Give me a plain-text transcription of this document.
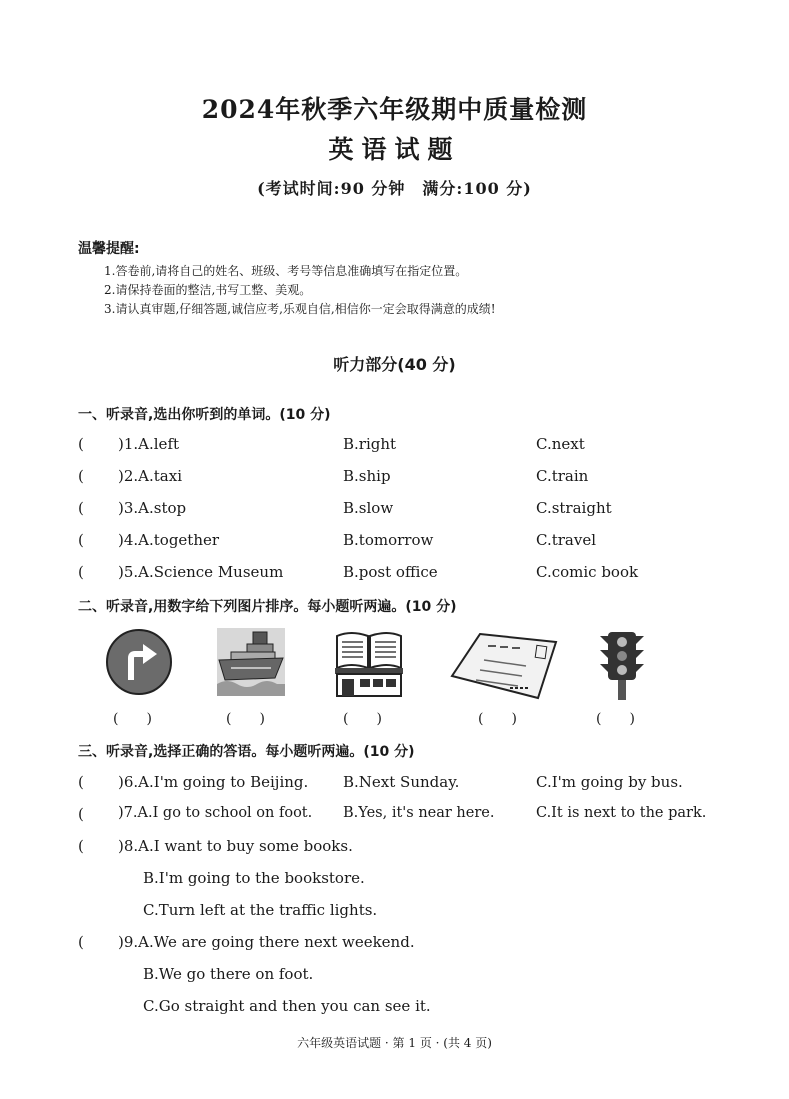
2024年秋季六年级期中质量检测
英语试题
(考试时间:90 分钟　满分:100 分)
温馨提醒:
1.答卷前,请将自己的姓名、班级、考号等信息准确填写在指定位置。
2.请保持卷面的整洁,书写工整、美观。
3.请认真审题,仔细答题,诚信应考,乐观自信,相信你一定会取得满意的成绩!
听力部分(40 分)
一、听录音,选出你听到的单词。(10 分)
( )1.A.left	B.right	C.next
( )2.A.taxi	B.ship	C.train
( )3.A.stop	B.slow	C.straight
( )4.A.together	B.tomorrow	C.travel
( )5.A.Science Museum	B.post office	C.comic book
二、听录音,用数字给下列图片排序。每小题听两遍。(10 分)
(　　)	(　　)	(　　)	(　　)	(　　)
三、听录音,选择正确的答语。每小题听两遍。(10 分)
( )6.A.I'm going to Beijing. B.Next Sunday.	C.I'm going by bus.
( )7.A.I go to school on foot. B.Yes, it's near here.	C.It is next to the park.
( )8.A.I want to buy some books.
B.I'm going to the bookstore.
C.Turn left at the traffic lights.
( )9.A.We are going there next weekend.
B.We go there on foot.
C.Go straight and then you can see it.
六年级英语试题 · 第 1 页 · (共 4 页)
